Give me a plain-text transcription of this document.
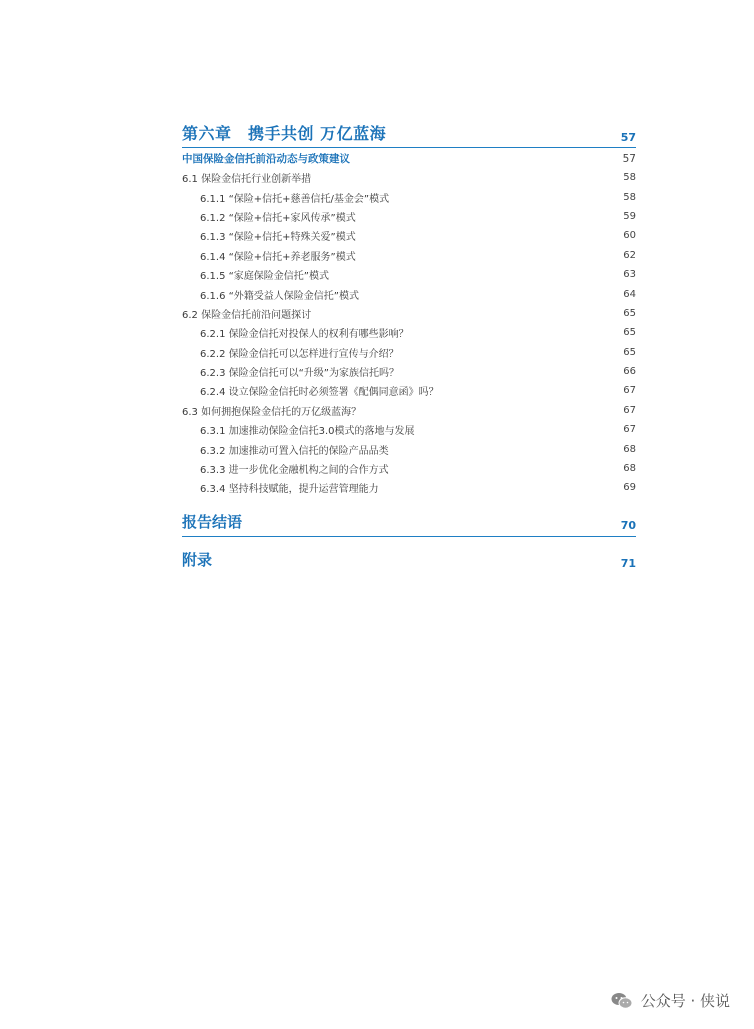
第六章　携手共创 万亿蓝海	57
中国保险金信托前沿动态与政策建议	57
6.1 保险金信托行业创新举措	58
6.1.1 “保险+信托+慈善信托/基金会”模式	58
6.1.2 “保险+信托+家风传承”模式	59
6.1.3 “保险+信托+特殊关爱”模式	60
6.1.4 “保险+信托+养老服务”模式	62
6.1.5 “家庭保险金信托”模式	63
6.1.6 “外籍受益人保险金信托”模式	64
6.2 保险金信托前沿问题探讨	65
6.2.1 保险金信托对投保人的权利有哪些影响？	65
6.2.2 保险金信托可以怎样进行宣传与介绍？	65
6.2.3 保险金信托可以“升级”为家族信托吗？	66
6.2.4 设立保险金信托时必须签署《配偶同意函》吗？	67
6.3 如何拥抱保险金信托的万亿级蓝海？	67
6.3.1 加速推动保险金信托3.0模式的落地与发展	67
6.3.2 加速推动可置入信托的保险产品品类	68
6.3.3 进一步优化金融机构之间的合作方式	68
6.3.4 坚持科技赋能，提升运营管理能力	69
报告结语	70
附录	71
公众号 · 侠说
